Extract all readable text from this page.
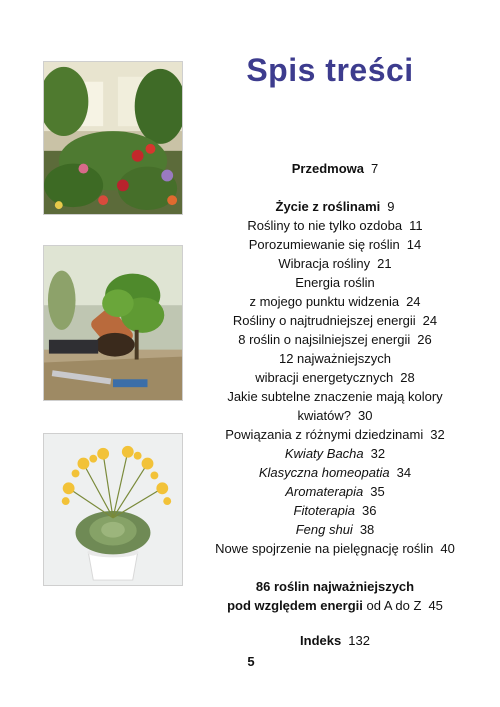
Spis treści
Przedmowa 7
Życie z roślinami 9
Rośliny to nie tylko ozdoba 11
Porozumiewanie się roślin 14
Wibracja rośliny 21
Energia roślin
z mojego punktu widzenia 24
Rośliny o najtrudniejszej energii 24
8 roślin o najsilniejszej energii 26
12 najważniejszych
wibracji energetycznych 28
Jakie subtelne znaczenie mają kolory
kwiatów? 30
Powiązania z różnymi dziedzinami 32
Kwiaty Bacha 32
Klasyczna homeopatia 34
Aromaterapia 35
Fitoterapia 36
Feng shui 38
Nowe spojrzenie na pielęgnację roślin 40
86 roślin najważniejszych
pod względem energii od A do Z 45
Indeks 132
5
